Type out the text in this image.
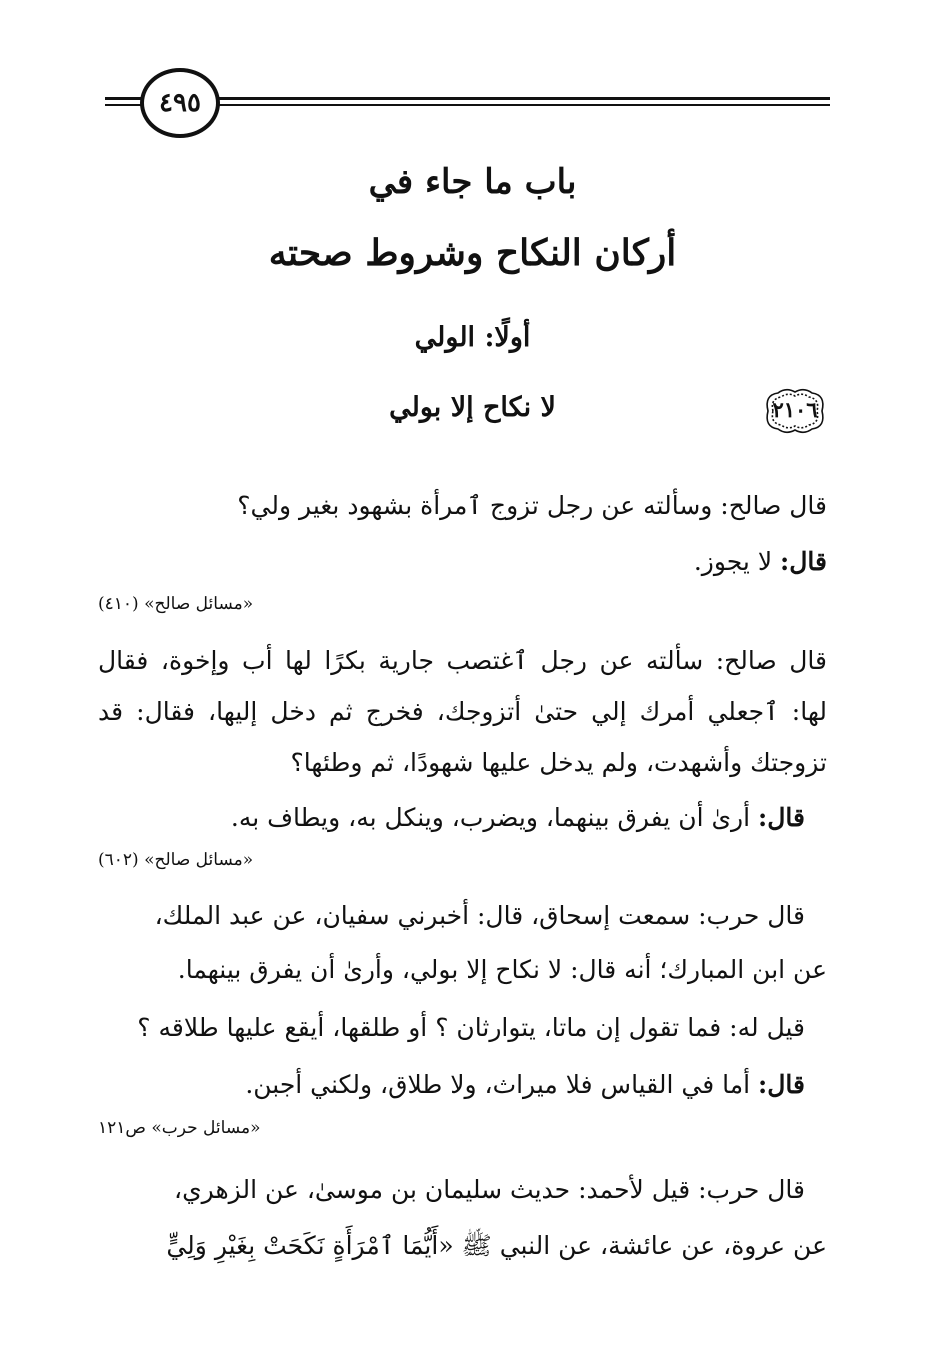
٤٩٥
باب ما جاء في
أركان النكاح وشروط صحته
أولًا: الولي
لا نكاح إلا بولي	٢١٠٦
قال صالح: وسألته عن رجل تزوج ٱمرأة بشهود بغير ولي؟
قال: لا يجوز.
«مسائل صالح» (٤١٠)
قال صالح: سألته عن رجل ٱغتصب جارية بكرًا لها أب وإخوة، فقال
لها: ٱجعلي أمرك إلي حتىٰ أتزوجك، فخرج ثم دخل إليها، فقال: قد
تزوجتك وأشهدت، ولم يدخل عليها شهودًا، ثم وطئها؟
قال: أرىٰ أن يفرق بينهما، ويضرب، وينكل به، ويطاف به.
«مسائل صالح» (٦٠٢)
قال حرب: سمعت إسحاق، قال: أخبرني سفيان، عن عبد الملك،
عن ابن المبارك؛ أنه قال: لا نكاح إلا بولي، وأرىٰ أن يفرق بينهما.
قيل له: فما تقول إن ماتا، يتوارثان ؟ أو طلقها، أيقع عليها طلاقه ؟
قال: أما في القياس فلا ميراث، ولا طلاق، ولكني أجبن.
«مسائل حرب» ص١٢١
قال حرب: قيل لأحمد: حديث سليمان بن موسىٰ، عن الزهري،
عن عروة، عن عائشة، عن النبي ﷺ «أَيُّمَا ٱمْرَأَةٍ نَكَحَتْ بِغَيْرِ وَلِيٍّ
